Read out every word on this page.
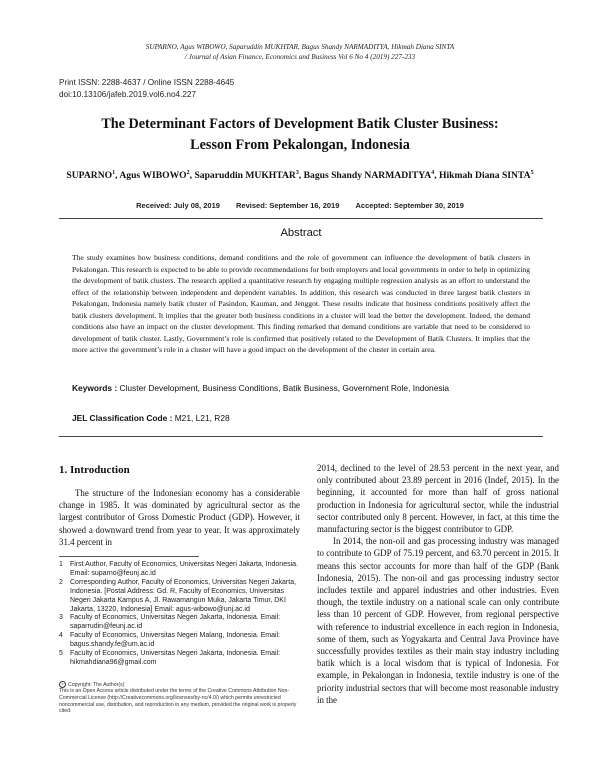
SUPARNO, Agus WIBOWO, Saparuddin MUKHTAR, Bagus Shandy NARMADITYA, Hikmah Diana SINTA
/ Journal of Asian Finance, Economics and Business Vol 6 No 4 (2019) 227-233
Print ISSN: 2288-4637 / Online ISSN 2288-4645
doi:10.13106/jafeb.2019.vol6.no4.227
The Determinant Factors of Development Batik Cluster Business:
Lesson From Pekalongan, Indonesia
SUPARNO$^1$, Agus WIBOWO$^2$, Saparuddin MUKHTAR$^3$, Bagus Shandy NARMADITYA$^4$, Hikmah Diana SINTA$^5$
Received: July 08, 2019 Revised: September 16, 2019 Accepted: September 30, 2019
Abstract

The study examines how business conditions, demand conditions and the role of government can influence the development of batik clusters in Pekalongan. This research is expected to be able to provide recommendations for both employers and local governments in order to help in optimizing the development of batik clusters. The research applied a quantitative research by engaging multiple regression analysis as an effort to understand the effect of the relationship between independent and dependent variables. In addition, this research was conducted in three largest batik clusters in Pekalongan, Indonesia namely batik cluster of Pasindon, Kauman, and Jenggot. These results indicate that business conditions positively affect the batik clusters development. It implies that the greater both business conditions in a cluster will lead the better the development. Indeed, the demand conditions also have an impact on the cluster development. This finding remarked that demand conditions are variable that need to be considered to development of batik cluster. Lastly, Government’s role is confirmed that positively related to the Development of Batik Clusters. It implies that the more active the government’s role in a cluster will have a good impact on the development of the cluster in certain area.

Keywords : Cluster Development, Business Conditions, Batik Business, Government Role, Indonesia
JEL Classification Code : M21, L21, R28
1. Introduction

The structure of the Indonesian economy has a considerable change in 1985. It was dominated by agricultural sector as the largest contributor of Gross Domestic Product (GDP). However, it showed a downward trend from year to year. It was approximately 31.4 percent in

2014, declined to the level of 28.53 percent in the next year, and only contributed about 23.89 percent in 2016 (Indef, 2015). In the beginning, it accounted for more than half of gross national production in Indonesia for agricultural sector, while the industrial sector contributed only 8 percent. However, in fact, at this time the manufacturing sector is the biggest contributor to GDP.

In 2014, the non-oil and gas processing industry was managed to contribute to GDP of 75.19 percent, and 63.70 percent in 2015. It means this sector accounts for more than half of the GDP (Bank Indonesia, 2015). The non-oil and gas processing industry sector includes textile and apparel industries and other industries. Even though, the textile industry on a national scale can only contribute less than 10 percent of GDP. However, from regional perspective with reference to industrial excellence in each region in Indonesia, some of them, such as Yogyakarta and Central Java Province have successfully provides textiles as their main stay industry including batik which is a local wisdom that is typical of Indonesia. For example, in Pekalongan in Indonesia, textile industry is one of the priority industrial sectors that will become most reasonable industry in the

1 First Author, Faculty of Economics, Universitas Negeri Jakarta, Indonesia. Email: suparno@feunj.ac.id
2 Corresponding Author, Faculty of Economics, Universitas Negeri Jakarta, Indonesia. [Postal Address: Gd. R, Faculty of Economics, Universitas Negeri Jakarta Kampus A, Jl. Rawamangun Muka, Jakarta Timur, DKI Jakarta, 13220, Indonesia] Email: agus-wibowo@unj.ac.id
3 Faculty of Economics, Universitas Negeri Jakarta, Indonesia. Email: saparrudin@feunj.ac.id
4 Faculty of Economics, Universitas Negeri Malang, Indonesia. Email: bagus.shandy.fe@um.ac.id
5 Faculty of Economics, Universitas Negeri Jakarta, Indonesia. Email: hikmahdiana96@gmail.com
c Copyright: The Author(s)
This is an Open Access article distributed under the terms of the Creative Commons Attribution Non-Commercial License (http://Creativecommons.org/licenses/by-nc/4.0/) which permits unrestricted noncommercial use, distribution, and reproduction in any medium, provided the original work is properly cited.
